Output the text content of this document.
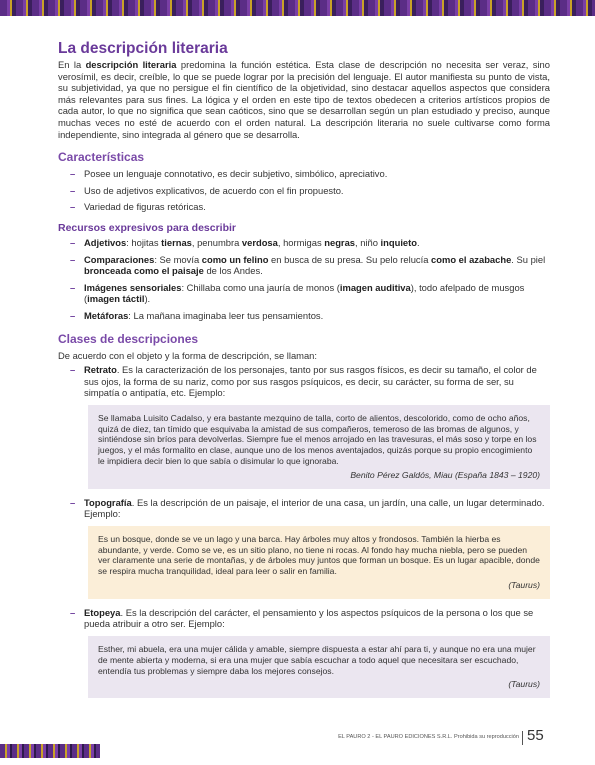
La descripción literaria

En la descripción literaria predomina la función estética. Esta clase de descripción no necesita ser veraz, sino verosímil, es decir, creíble, lo que se puede lograr por la precisión del lenguaje. El autor manifiesta su punto de vista, su subjetividad, ya que no persigue el fin científico de la objetividad, sino destacar aquellos aspectos que considera más relevantes para sus fines. La lógica y el orden en este tipo de textos obedecen a criterios artísticos propios de cada autor, lo que no significa que sean caóticos, sino que se desarrollan según un plan estudiado y preciso, aunque muchas veces no esté de acuerdo con el orden natural. La descripción literaria no suele cultivarse como forma independiente, sino integrada al género que se desarrolla.

Características
– Posee un lenguaje connotativo, es decir subjetivo, simbólico, apreciativo.
– Uso de adjetivos explicativos, de acuerdo con el fin propuesto.
– Variedad de figuras retóricas.
Recursos expresivos para describir
– Adjetivos: hojitas tiernas, penumbra verdosa, hormigas negras, niño inquieto.
– Comparaciones: Se movía como un felino en busca de su presa. Su pelo relucía como el azabache. Su piel bronceada como el paisaje de los Andes.
– Imágenes sensoriales: Chillaba como una jauría de monos (imagen auditiva), todo afelpado de musgos (imagen táctil).
– Metáforas: La mañana imaginaba leer tus pensamientos.
Clases de descripciones

De acuerdo con el objeto y la forma de descripción, se llaman:

– Retrato. Es la caracterización de los personajes, tanto por sus rasgos físicos, es decir su tamaño, el color de sus ojos, la forma de su nariz, como por sus rasgos psíquicos, es decir, su carácter, su forma de ser, su simpatía o antipatía, etc. Ejemplo:
Se llamaba Luisito Cadalso, y era bastante mezquino de talla, corto de alientos, descolorido, como de ocho años, quizá de diez, tan tímido que esquivaba la amistad de sus compañeros, temeroso de las bromas de algunos, y sintiéndose sin bríos para devolverlas. Siempre fue el menos arrojado en las travesuras, el más soso y torpe en los juegos, y el más formalito en clase, aunque uno de los menos aventajados, quizás porque su propio encogimiento le impidiera decir bien lo que sabía o disimular lo que ignoraba.
Benito Pérez Galdós, Miau (España 1843 – 1920)
– Topografía. Es la descripción de un paisaje, el interior de una casa, un jardín, una calle, un lugar determinado. Ejemplo:
Es un bosque, donde se ve un lago y una barca. Hay árboles muy altos y frondosos. También la hierba es abundante, y verde. Como se ve, es un sitio plano, no tiene ni rocas. Al fondo hay mucha niebla, pero se pueden ver claramente una serie de montañas, y de árboles muy juntos que forman un bosque. Es un lugar apacible, donde se respira mucha tranquilidad, ideal para leer o salir en familia.
(Taurus)
– Etopeya. Es la descripción del carácter, el pensamiento y los aspectos psíquicos de la persona o los que se pueda atribuir a otro ser. Ejemplo:
Esther, mi abuela, era una mujer cálida y amable, siempre dispuesta a estar ahí para ti, y aunque no era una mujer de mente abierta y moderna, si era una mujer que sabía escuchar a todo aquel que necesitara ser escuchado, entendía tus problemas y siempre daba los mejores consejos.
(Taurus)
EL PAURO 2 - EL PAURO EDICIONES S.R.L. Prohibida su reproducción 55
